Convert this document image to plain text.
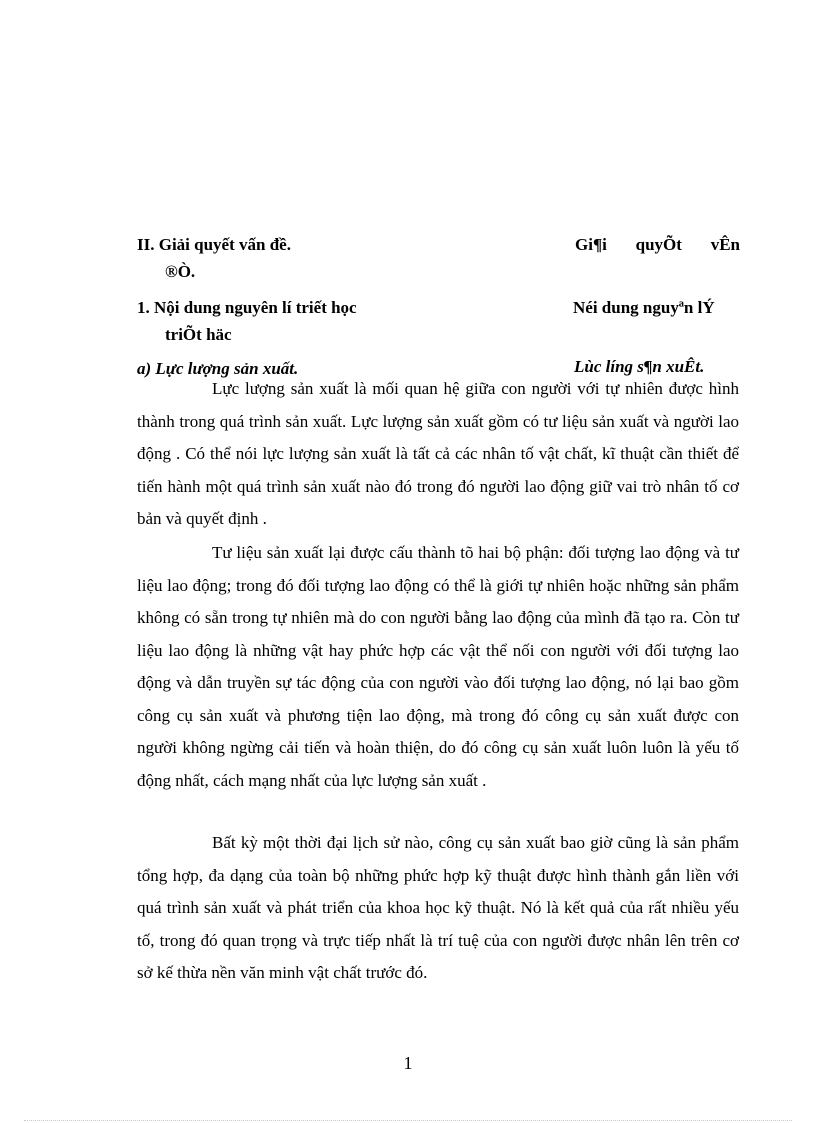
II. Giải quyết vấn đề.	Gi¶i quyÕt vÊn
®Ò.
1. Nội dung nguyên lí triết học	Néi dung nguyªn lÝ
triÕt häc
a) Lực lượng sản xuất.	Lùc líng s¶n xuÊt.

Lực lượng sản xuất là mối quan hệ giữa con người với tự nhiên được hình thành trong quá trình sản xuất. Lực lượng sản xuất gồm có tư liệu sản xuất và người lao động . Có thể nói lực lượng sản xuất là tất cả các nhân tố vật chất, kĩ thuật cần thiết để tiến hành một quá trình sản xuất nào đó trong đó người lao động giữ vai trò nhân tố cơ bản và quyết định .

Tư liệu sản xuất lại được cấu thành tõ hai bộ phận: đối tượng lao động và tư liệu lao động; trong đó đối tượng lao động có thể là giới tự nhiên hoặc những sản phẩm không có sẵn trong tự nhiên mà do con người bằng lao động của mình đã tạo ra. Còn tư liệu lao động là những vật hay phức hợp các vật thể nối con người với đối tượng lao động và dẫn truyền sự tác động của con người vào đối tượng lao động, nó lại bao gồm công cụ sản xuất và phương tiện lao động, mà trong đó công cụ sản xuất được con người không ngừng cải tiến và hoàn thiện, do đó công cụ sản xuất luôn luôn là yếu tố động nhất, cách mạng nhất của lực lượng sản xuất .

Bất kỳ một thời đại lịch sử nào, công cụ sản xuất bao giờ cũng là sản phẩm tổng hợp, đa dạng của toàn bộ những phức hợp kỹ thuật được hình thành gắn liền với quá trình sản xuất và phát triển của khoa học kỹ thuật. Nó là kết quả của rất nhiều yếu tố, trong đó quan trọng và trực tiếp nhất là trí tuệ của con người được nhân lên trên cơ sở kế thừa nền văn minh vật chất trước đó.

1
